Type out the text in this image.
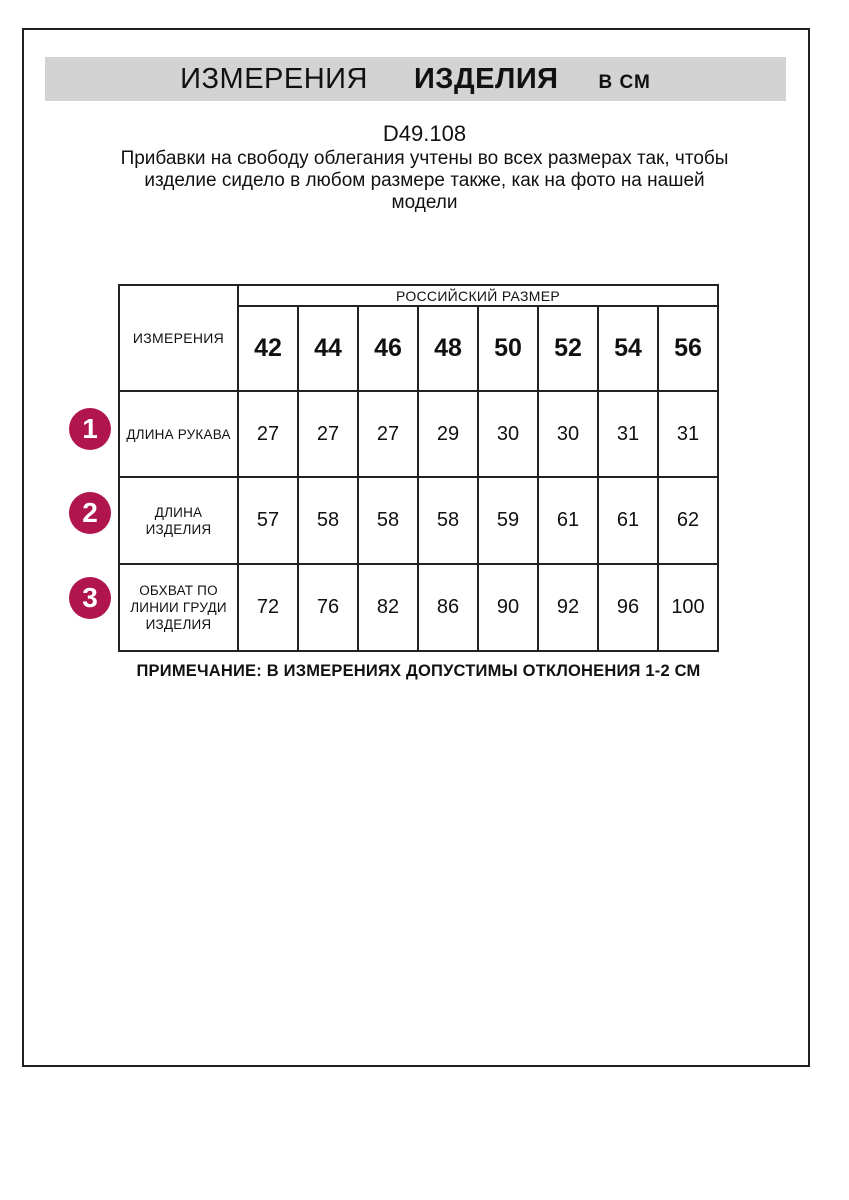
ИЗМЕРЕНИЯ ИЗДЕЛИЯ В СМ
D49.108
Прибавки на свободу облегания учтены во всех размерах так, чтобы
изделие сидело в любом размере также, как на фото на нашей
модели
ИЗМЕРЕНИЯ	РОССИЙСКИЙ РАЗМЕР							
	42	44	46	48	50	52	54	56

ДЛИНА РУКАВА	27	27	27	29	30	30	31	31

ДЛИНА
ИЗДЕЛИЯ	57	58	58	58	59	61	61	62

ОБХВАТ ПО
ЛИНИИ ГРУДИ
ИЗДЕЛИЯ	72	76	82	86	90	92	96	100
1
2
3
ПРИМЕЧАНИЕ: В ИЗМЕРЕНИЯХ ДОПУСТИМЫ ОТКЛОНЕНИЯ 1-2 СМ
